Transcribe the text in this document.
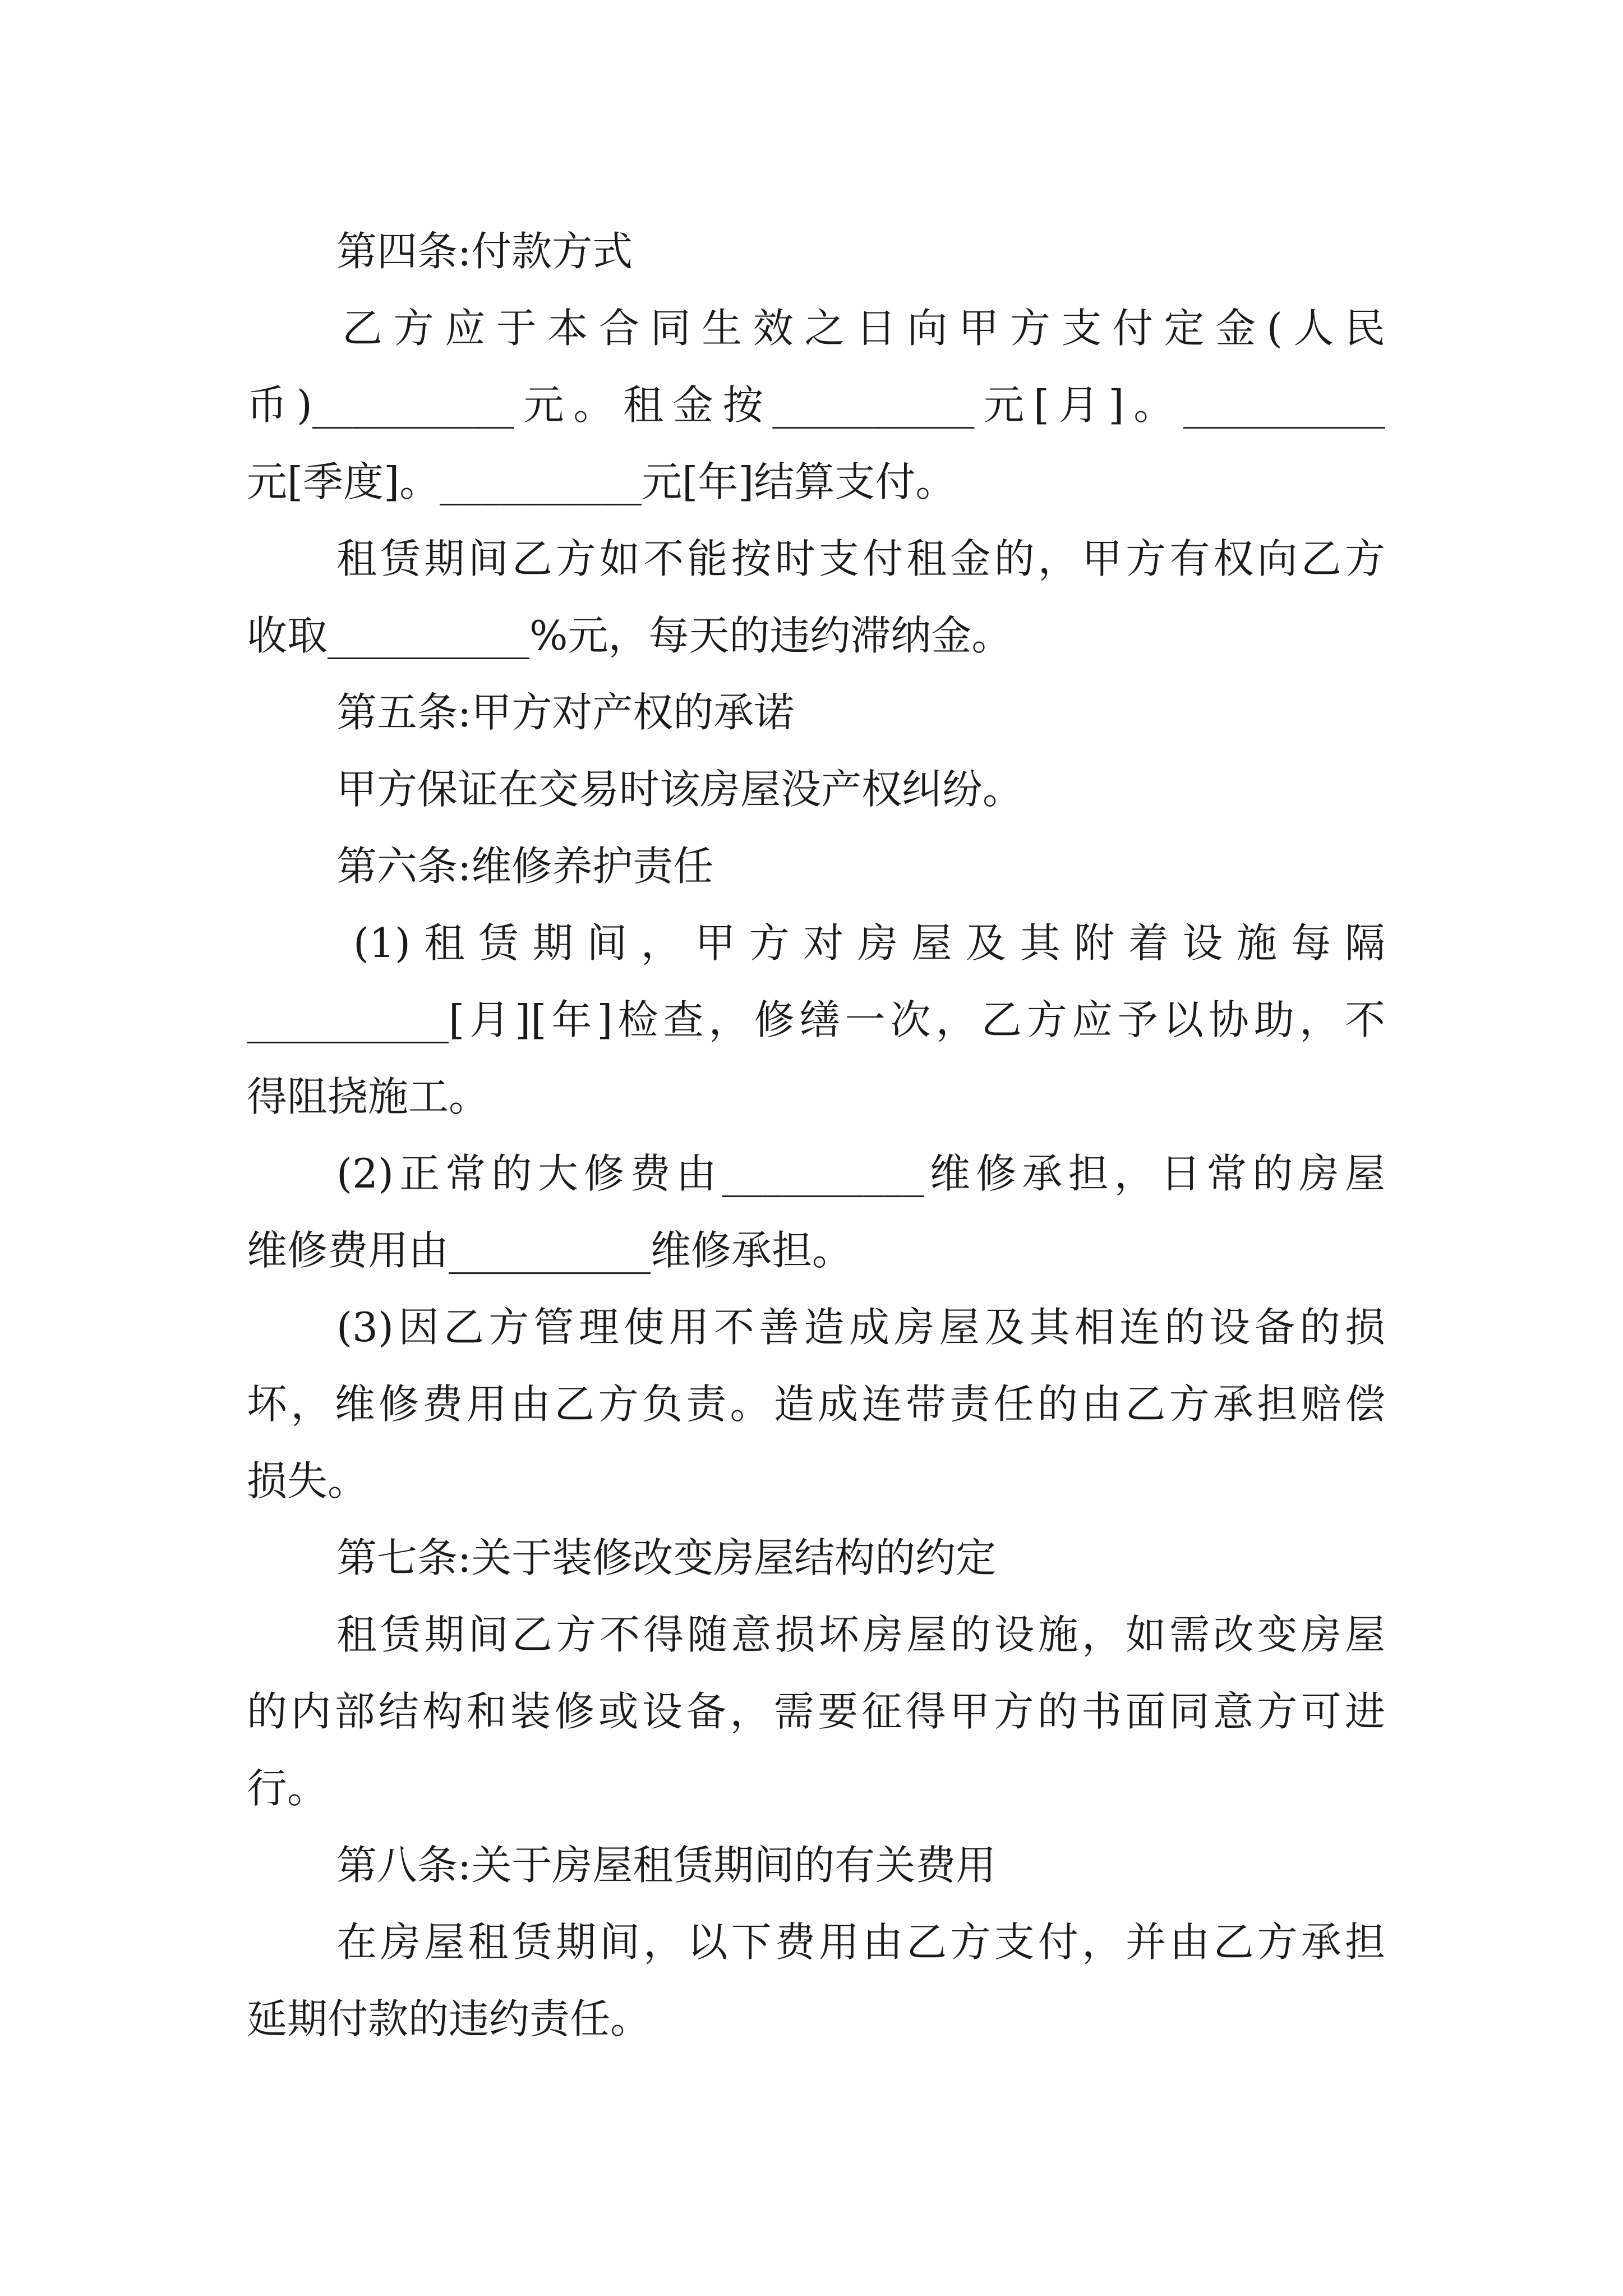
第四条:付款方式
乙方应于本合同生效之日向甲方支付定金(人民
币)__________元。租金按__________元[月]。__________
元[季度]。__________元[年]结算支付。
租赁期间乙方如不能按时支付租金的，甲方有权向乙方
收取__________%元，每天的违约滞纳金。
第五条:甲方对产权的承诺
甲方保证在交易时该房屋没产权纠纷。
第六条:维修养护责任
(1)租赁期间，甲方对房屋及其附着设施每隔
__________[月][年]检查，修缮一次，乙方应予以协助，不
得阻挠施工。
(2)正常的大修费由__________维修承担，日常的房屋
维修费用由__________维修承担。
(3)因乙方管理使用不善造成房屋及其相连的设备的损
坏，维修费用由乙方负责。造成连带责任的由乙方承担赔偿
损失。
第七条:关于装修改变房屋结构的约定
租赁期间乙方不得随意损坏房屋的设施，如需改变房屋
的内部结构和装修或设备，需要征得甲方的书面同意方可进
行。
第八条:关于房屋租赁期间的有关费用
在房屋租赁期间，以下费用由乙方支付，并由乙方承担
延期付款的违约责任。
